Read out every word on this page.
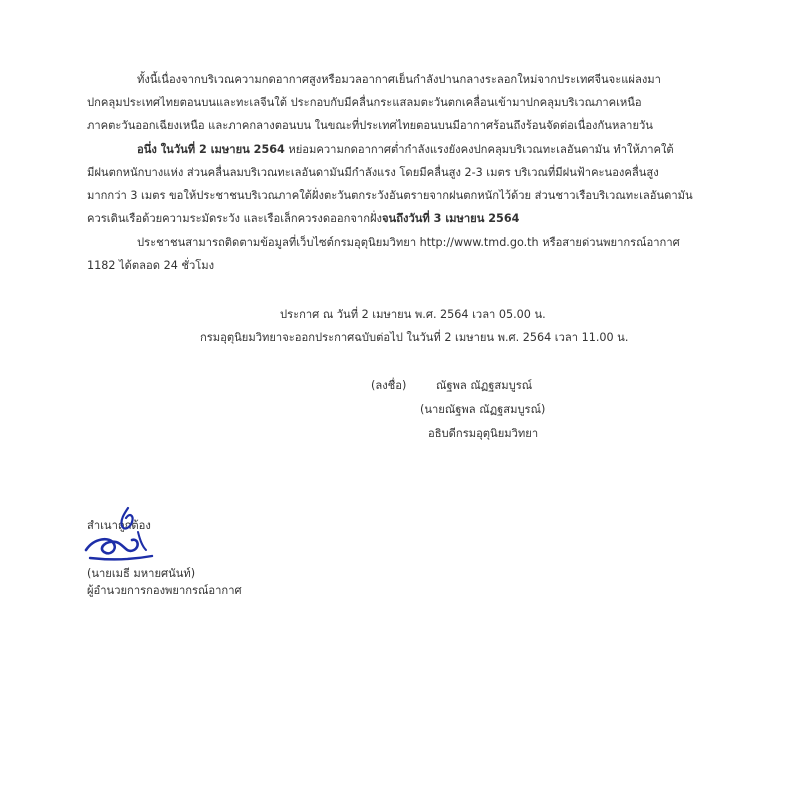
ทั้งนี้เนื่องจากบริเวณความกดอากาศสูงหรือมวลอากาศเย็นกำลังปานกลางระลอกใหม่จากประเทศจีนจะแผ่ลงมา
ปกคลุมประเทศไทยตอนบนและทะเลจีนใต้ ประกอบกับมีคลื่นกระแสลมตะวันตกเคลื่อนเข้ามาปกคลุมบริเวณภาคเหนือ
ภาคตะวันออกเฉียงเหนือ และภาคกลางตอนบน ในขณะที่ประเทศไทยตอนบนมีอากาศร้อนถึงร้อนจัดต่อเนื่องกันหลายวัน
อนึ่ง ในวันที่ 2 เมษายน 2564 หย่อมความกดอากาศต่ำกำลังแรงยังคงปกคลุมบริเวณทะเลอันดามัน ทำให้ภาคใต้
มีฝนตกหนักบางแห่ง ส่วนคลื่นลมบริเวณทะเลอันดามันมีกำลังแรง โดยมีคลื่นสูง 2-3 เมตร บริเวณที่มีฝนฟ้าคะนองคลื่นสูง
มากกว่า 3 เมตร ขอให้ประชาชนบริเวณภาคใต้ฝั่งตะวันตกระวังอันตรายจากฝนตกหนักไว้ด้วย ส่วนชาวเรือบริเวณทะเลอันดามัน
ควรเดินเรือด้วยความระมัดระวัง และเรือเล็กควรงดออกจากฝั่งจนถึงวันที่ 3 เมษายน 2564
ประชาชนสามารถติดตามข้อมูลที่เว็บไซต์กรมอุตุนิยมวิทยา http://www.tmd.go.th หรือสายด่วนพยากรณ์อากาศ
1182 ได้ตลอด 24 ชั่วโมง
ประกาศ ณ วันที่ 2 เมษายน พ.ศ. 2564 เวลา 05.00 น.
กรมอุตุนิยมวิทยาจะออกประกาศฉบับต่อไป ในวันที่ 2 เมษายน พ.ศ. 2564 เวลา 11.00 น.
(ลงชื่อ)	ณัฐพล ณัฏฐสมบูรณ์
(นายณัฐพล ณัฏฐสมบูรณ์)
อธิบดีกรมอุตุนิยมวิทยา
สำเนาถูกต้อง
(นายเมธี มหายศนันท์)
ผู้อำนวยการกองพยากรณ์อากาศ
